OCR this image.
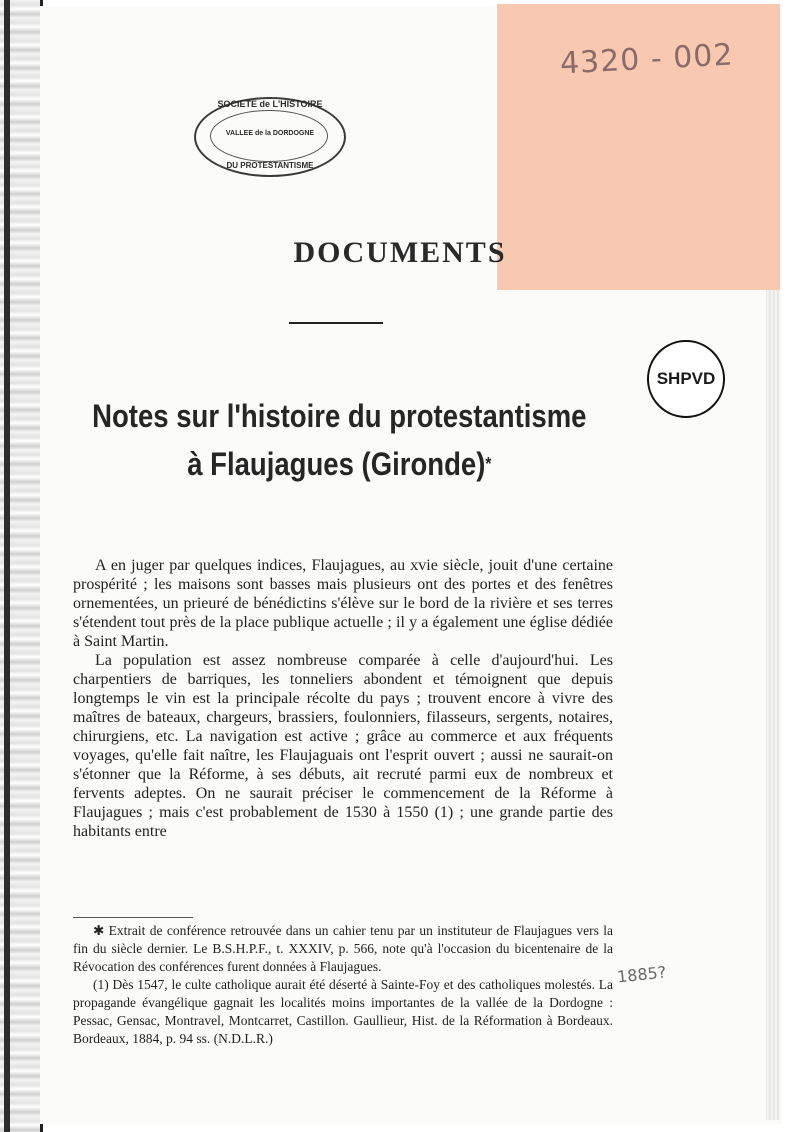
4320 - 002
SOCIETE de L'HISTOIRE
VALLEE de la DORDOGNE
DU PROTESTANTISME
DOCUMENTS
SHPVD
Notes sur l'histoire du protestantisme
à Flaujagues (Gironde)*

A en juger par quelques indices, Flaujagues, au xvie siècle, jouit d'une certaine prospérité ; les maisons sont basses mais plusieurs ont des portes et des fenêtres ornementées, un prieuré de bénédictins s'élève sur le bord de la rivière et ses terres s'étendent tout près de la place publique actuelle ; il y a également une église dédiée à Saint Martin.

La population est assez nombreuse comparée à celle d'aujourd'hui. Les charpentiers de barriques, les tonneliers abondent et témoignent que depuis longtemps le vin est la principale récolte du pays ; trouvent encore à vivre des maîtres de bateaux, chargeurs, brassiers, foulonniers, filasseurs, sergents, notaires, chirurgiens, etc. La navigation est active ; grâce au commerce et aux fréquents voyages, qu'elle fait naître, les Flaujaguais ont l'esprit ouvert ; aussi ne saurait-on s'étonner que la Réforme, à ses débuts, ait recruté parmi eux de nombreux et fervents adeptes. On ne saurait préciser le commencement de la Réforme à Flaujagues ; mais c'est probablement de 1530 à 1550 (1) ; une grande partie des habitants entre

✱ Extrait de conférence retrouvée dans un cahier tenu par un instituteur de Flaujagues vers la fin du siècle dernier. Le B.S.H.P.F., t. XXXIV, p. 566, note qu'à l'occasion du bicentenaire de la Révocation des conférences furent données à Flaujagues.

(1) Dès 1547, le culte catholique aurait été déserté à Sainte-Foy et des catholiques molestés. La propagande évangélique gagnait les localités moins importantes de la vallée de la Dordogne : Pessac, Gensac, Montravel, Montcarret, Castillon. Gaullieur, Hist. de la Réformation à Bordeaux. Bordeaux, 1884, p. 94 ss. (N.D.L.R.)

1885?
